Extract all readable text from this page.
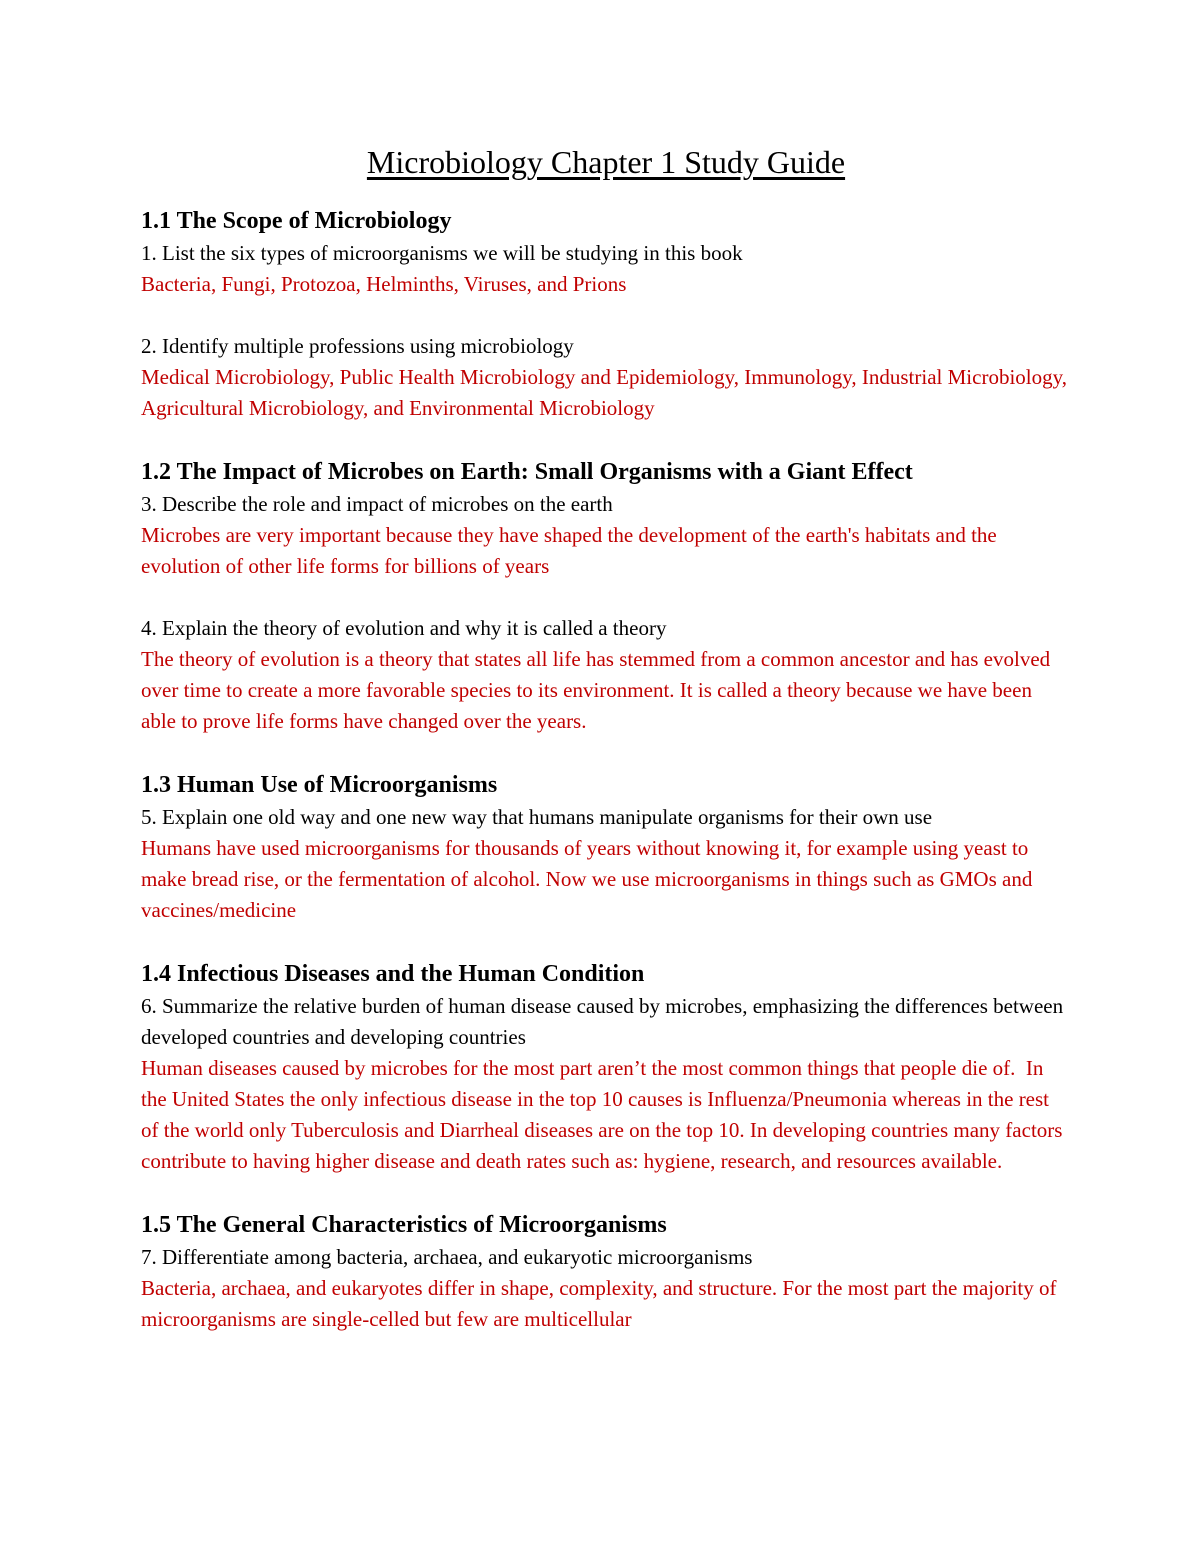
Microbiology Chapter 1 Study Guide
1.1 The Scope of Microbiology

1. List the six types of microorganisms we will be studying in this book

Bacteria, Fungi, Protozoa, Helminths, Viruses, and Prions

2. Identify multiple professions using microbiology

Medical Microbiology, Public Health Microbiology and Epidemiology, Immunology, Industrial Microbiology, Agricultural Microbiology, and Environmental Microbiology

1.2 The Impact of Microbes on Earth: Small Organisms with a Giant Effect

3. Describe the role and impact of microbes on the earth

Microbes are very important because they have shaped the development of the earth's habitats and the evolution of other life forms for billions of years

4. Explain the theory of evolution and why it is called a theory

The theory of evolution is a theory that states all life has stemmed from a common ancestor and has evolved over time to create a more favorable species to its environment. It is called a theory because we have been able to prove life forms have changed over the years.

1.3 Human Use of Microorganisms

5. Explain one old way and one new way that humans manipulate organisms for their own use

Humans have used microorganisms for thousands of years without knowing it, for example using yeast to make bread rise, or the fermentation of alcohol. Now we use microorganisms in things such as GMOs and vaccines/medicine

1.4 Infectious Diseases and the Human Condition

6. Summarize the relative burden of human disease caused by microbes, emphasizing the differences between developed countries and developing countries

Human diseases caused by microbes for the most part aren’t the most common things that people die of.  In the United States the only infectious disease in the top 10 causes is Influenza/Pneumonia whereas in the rest of the world only Tuberculosis and Diarrheal diseases are on the top 10. In developing countries many factors contribute to having higher disease and death rates such as: hygiene, research, and resources available.

1.5 The General Characteristics of Microorganisms

7. Differentiate among bacteria, archaea, and eukaryotic microorganisms

Bacteria, archaea, and eukaryotes differ in shape, complexity, and structure. For the most part the majority of microorganisms are single-celled but few are multicellular
